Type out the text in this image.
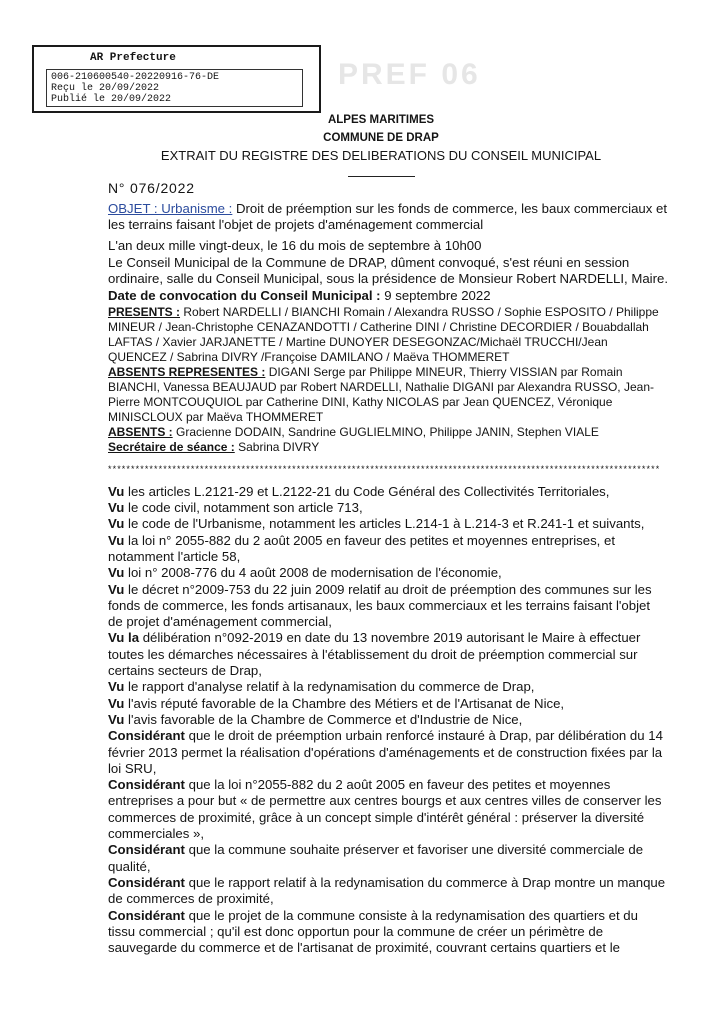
AR Prefecture
006-210600540-20220916-76-DE
Reçu le 20/09/2022
Publié le 20/09/2022
PREF 06
ALPES MARITIMES
COMMUNE DE DRAP
EXTRAIT DU REGISTRE DES DELIBERATIONS DU CONSEIL MUNICIPAL
N° 076/2022
OBJET : Urbanisme : Droit de préemption sur les fonds de commerce, les baux commerciaux et les terrains faisant l'objet de projets d'aménagement commercial

L'an deux mille vingt-deux, le 16 du mois de septembre à 10h00

Le Conseil Municipal de la Commune de DRAP, dûment convoqué, s'est réuni en session ordinaire, salle du Conseil Municipal, sous la présidence de Monsieur Robert NARDELLI, Maire.

Date de convocation du Conseil Municipal : 9 septembre 2022

PRESENTS : Robert NARDELLI / BIANCHI Romain / Alexandra RUSSO / Sophie ESPOSITO / Philippe MINEUR / Jean-Christophe CENAZANDOTTI / Catherine DINI / Christine DECORDIER / Bouabdallah LAFTAS / Xavier JARJANETTE / Martine DUNOYER DESEGONZAC/Michaël TRUCCHI/Jean QUENCEZ / Sabrina DIVRY /Françoise DAMILANO / Maëva THOMMERET

ABSENTS REPRESENTES : DIGANI Serge par Philippe MINEUR, Thierry VISSIAN par Romain BIANCHI, Vanessa BEAUJAUD par Robert NARDELLI, Nathalie DIGANI par Alexandra RUSSO, Jean-Pierre MONTCOUQUIOL par Catherine DINI, Kathy NICOLAS par Jean QUENCEZ, Véronique MINISCLOUX par Maëva THOMMERET

ABSENTS : Gracienne DODAIN, Sandrine GUGLIELMINO, Philippe JANIN, Stephen VIALE

Secrétaire de séance : Sabrina DIVRY

************************************************************************************************************************

Vu les articles L.2121-29 et L.2122-21 du Code Général des Collectivités Territoriales,

Vu le code civil, notamment son article 713,

Vu le code de l'Urbanisme, notamment les articles L.214-1 à L.214-3 et R.241-1 et suivants,

Vu la loi n° 2055-882 du 2 août 2005 en faveur des petites et moyennes entreprises, et notamment l'article 58,

Vu loi n° 2008-776 du 4 août 2008 de modernisation de l'économie,

Vu le décret n°2009-753 du 22 juin 2009 relatif au droit de préemption des communes sur les fonds de commerce, les fonds artisanaux, les baux commerciaux et les terrains faisant l'objet de projet d'aménagement commercial,

Vu la délibération n°092-2019 en date du 13 novembre 2019 autorisant le Maire à effectuer toutes les démarches nécessaires à l'établissement du droit de préemption commercial sur certains secteurs de Drap,

Vu le rapport d'analyse relatif à la redynamisation du commerce de Drap,

Vu l'avis réputé favorable de la Chambre des Métiers et de l'Artisanat de Nice,

Vu l'avis favorable de la Chambre de Commerce et d'Industrie de Nice,

Considérant que le droit de préemption urbain renforcé instauré à Drap, par délibération du 14 février 2013 permet la réalisation d'opérations d'aménagements et de construction fixées par la loi SRU,

Considérant que la loi n°2055-882 du 2 août 2005 en faveur des petites et moyennes entreprises a pour but « de permettre aux centres bourgs et aux centres villes de conserver les commerces de proximité, grâce à un concept simple d'intérêt général : préserver la diversité commerciales »,

Considérant que la commune souhaite préserver et favoriser une diversité commerciale de qualité,

Considérant que le rapport relatif à la redynamisation du commerce à Drap montre un manque de commerces de proximité,

Considérant que le projet de la commune consiste à la redynamisation des quartiers et du tissu commercial ; qu'il est donc opportun pour la commune de créer un périmètre de sauvegarde du commerce et de l'artisanat de proximité, couvrant certains quartiers et le
